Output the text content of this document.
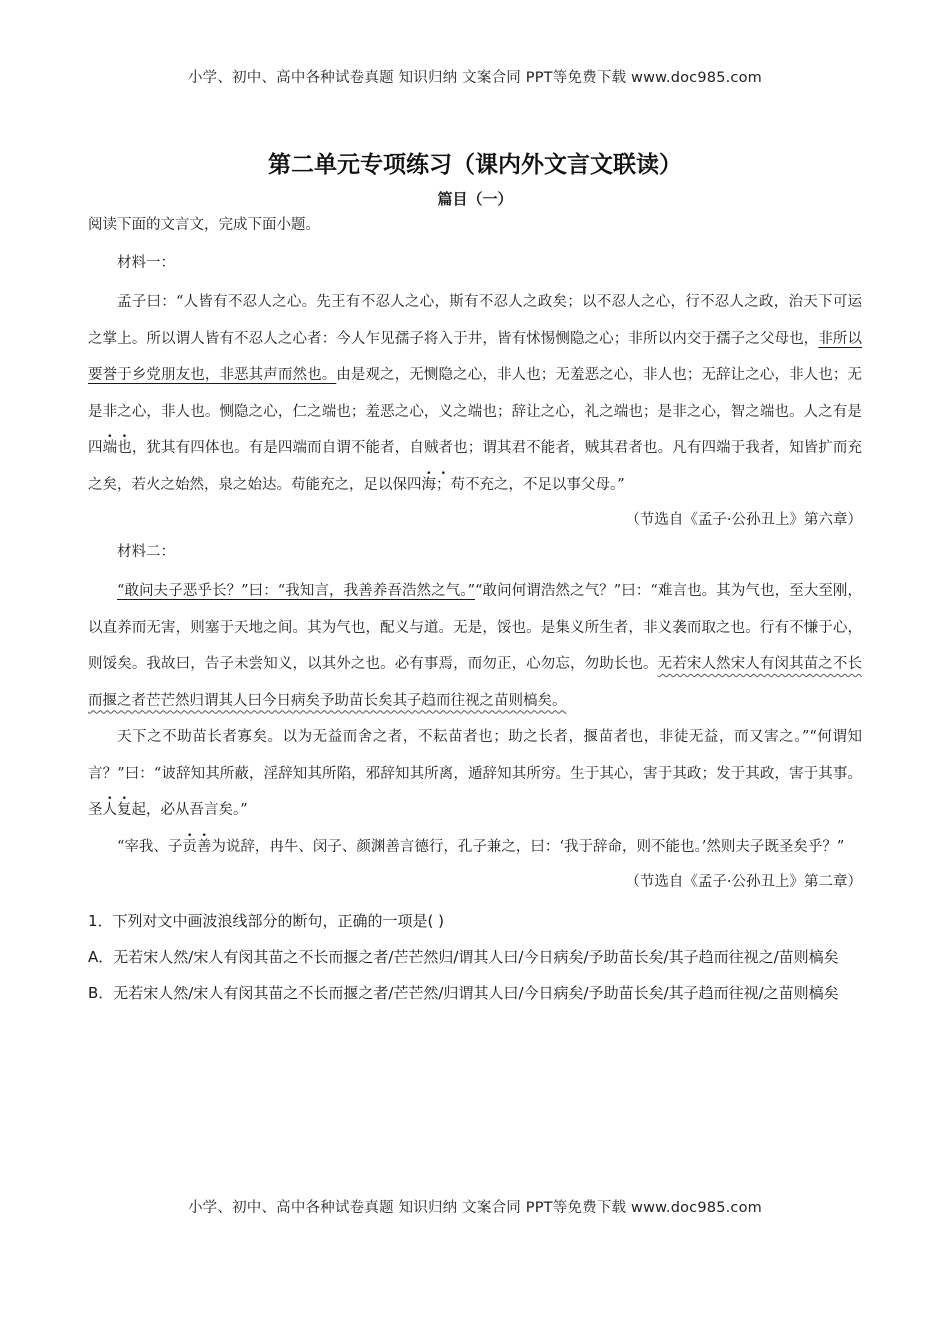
小学、初中、高中各种试卷真题 知识归纳 文案合同 PPT等免费下载 www.doc985.com
第二单元专项练习（课内外文言文联读）
篇目（一）

阅读下面的文言文，完成下面小题。

材料一：

孟子曰：“人皆有不忍人之心。先王有不忍人之心，斯有不忍人之政矣；以不忍人之心，行不忍人之政，治天下可运之掌上。所以谓人皆有不忍人之心者：今人乍见孺子将入于井，皆有怵惕恻隐之心；非所以内交于孺子之父母也，非所以要誉于乡党朋友也，非恶其声而然也。由是观之，无恻隐之心，非人也；无羞恶之心，非人也；无辞让之心，非人也；无是非之心，非人也。恻隐之心，仁之端也；羞恶之心，义之端也；辞让之心，礼之端也；是非之心，智之端也。人之有是四端也，犹其有四体也。有是四端而自谓不能者，自贼者也；谓其君不能者，贼其君者也。凡有四端于我者，知皆扩而充之矣，若火之始然，泉之始达。苟能充之，足以保四海；苟不充之，不足以事父母。”

（节选自《孟子·公孙丑上》第六章）

材料二：

“敢问夫子恶乎长？”曰：“我知言，我善养吾浩然之气。”“敢问何谓浩然之气？”曰：“难言也。其为气也，至大至刚，以直养而无害，则塞于天地之间。其为气也，配义与道。无是，馁也。是集义所生者，非义袭而取之也。行有不慊于心，则馁矣。我故曰，告子未尝知义，以其外之也。必有事焉，而勿正，心勿忘，勿助长也。无若宋人然宋人有闵其苗之不长而揠之者芒芒然归谓其人曰今日病矣予助苗长矣其子趋而往视之苗则槁矣。

天下之不助苗长者寡矣。以为无益而舍之者，不耘苗者也；助之长者，揠苗者也，非徒无益，而又害之。”“何谓知言？”曰：“诐辞知其所蔽，淫辞知其所陷，邪辞知其所离，遁辞知其所穷。生于其心，害于其政；发于其政，害于其事。圣人复起，必从吾言矣。”

“宰我、子贡善为说辞，冉牛、闵子、颜渊善言德行，孔子兼之，曰：‘我于辞命，则不能也。’然则夫子既圣矣乎？”

（节选自《孟子·公孙丑上》第二章）

1．下列对文中画波浪线部分的断句，正确的一项是( )

A．无若宋人然/宋人有闵其苗之不长而揠之者/芒芒然归/谓其人曰/今日病矣/予助苗长矣/其子趋而往视之/苗则槁矣

B．无若宋人然/宋人有闵其苗之不长而揠之者/芒芒然/归谓其人曰/今日病矣/予助苗长矣/其子趋而往视/之苗则槁矣

小学、初中、高中各种试卷真题 知识归纳 文案合同 PPT等免费下载 www.doc985.com
